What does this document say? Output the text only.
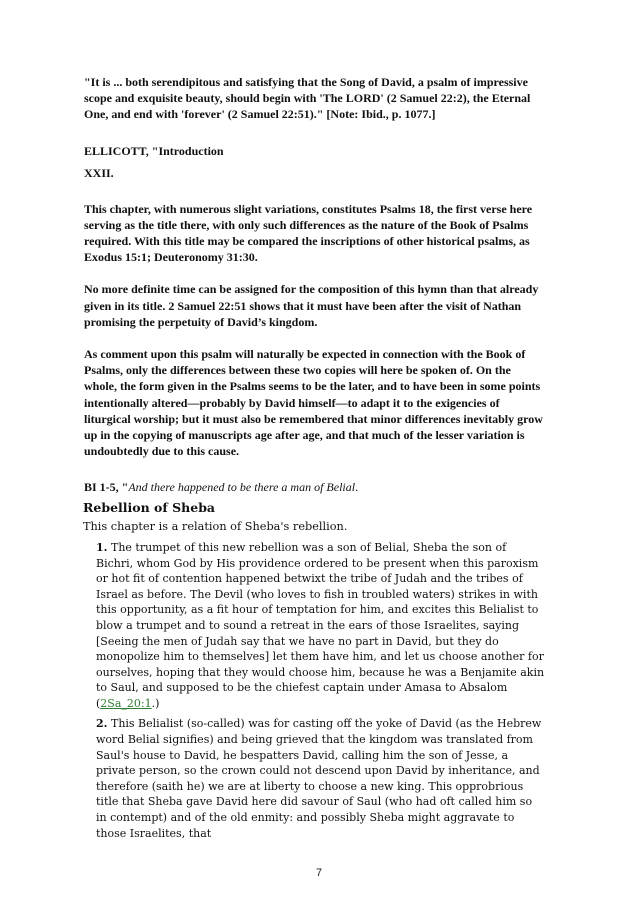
"It is ... both serendipitous and satisfying that the Song of David, a psalm of impressive scope and exquisite beauty, should begin with 'The LORD' (2 Samuel 22:2), the Eternal One, and end with 'forever' (2 Samuel 22:51)." [Note: Ibid., p. 1077.]

ELLICOTT, "Introduction

XXII.

This chapter, with numerous slight variations, constitutes Psalms 18, the first verse here serving as the title there, with only such differences as the nature of the Book of Psalms required. With this title may be compared the inscriptions of other historical psalms, as Exodus 15:1; Deuteronomy 31:30.

No more definite time can be assigned for the composition of this hymn than that already given in its title. 2 Samuel 22:51 shows that it must have been after the visit of Nathan promising the perpetuity of David’s kingdom.

As comment upon this psalm will naturally be expected in connection with the Book of Psalms, only the differences between these two copies will here be spoken of. On the whole, the form given in the Psalms seems to be the later, and to have been in some points intentionally altered—probably by David himself—to adapt it to the exigencies of liturgical worship; but it must also be remembered that minor differences inevitably grow up in the copying of manuscripts age after age, and that much of the lesser variation is undoubtedly due to this cause.

BI 1-5, "And there happened to be there a man of Belial.

Rebellion of Sheba

This chapter is a relation of Sheba's rebellion.

1. The trumpet of this new rebellion was a son of Belial, Sheba the son of Bichri, whom God by His providence ordered to be present when this paroxism or hot fit of contention happened betwixt the tribe of Judah and the tribes of Israel as before. The Devil (who loves to fish in troubled waters) strikes in with this opportunity, as a fit hour of temptation for him, and excites this Belialist to blow a trumpet and to sound a retreat in the ears of those Israelites, saying [Seeing the men of Judah say that we have no part in David, but they do monopolize him to themselves] let them have him, and let us choose another for ourselves, hoping that they would choose him, because he was a Benjamite akin to Saul, and supposed to be the chiefest captain under Amasa to Absalom (2Sa_20:1.)

2. This Belialist (so-called) was for casting off the yoke of David (as the Hebrew word Belial signifies) and being grieved that the kingdom was translated from Saul's house to David, he bespatters David, calling him the son of Jesse, a private person, so the crown could not descend upon David by inheritance, and therefore (saith he) we are at liberty to choose a new king. This opprobrious title that Sheba gave David here did savour of Saul (who had oft called him so in contempt) and of the old enmity: and possibly Sheba might aggravate to those Israelites, that

7
